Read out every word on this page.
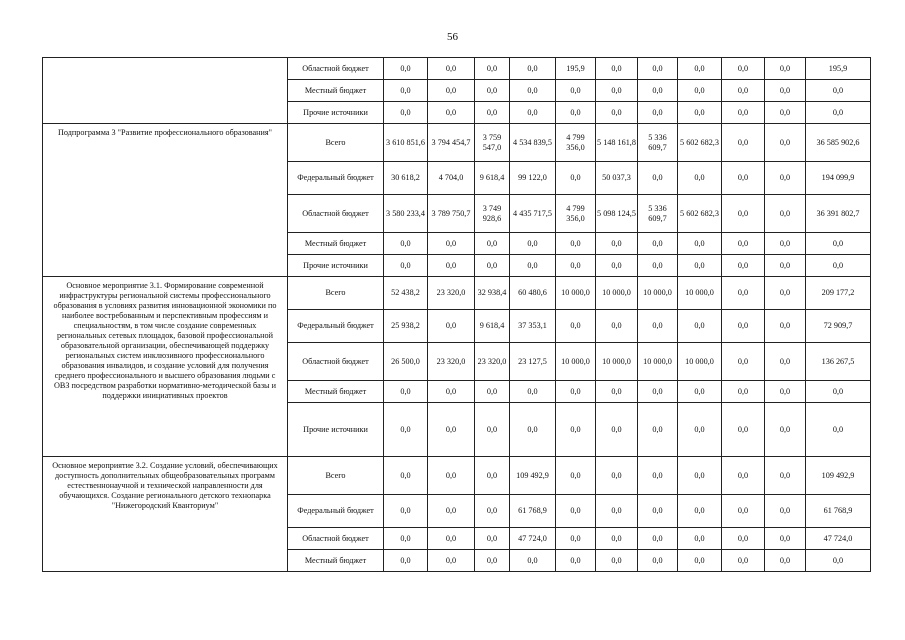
56
	Областной бюджет	0,0	0,0	0,0	0,0	195,9	0,0	0,0	0,0	0,0	0,0	195,9
	Местный бюджет	0,0	0,0	0,0	0,0	0,0	0,0	0,0	0,0	0,0	0,0	0,0
	Прочие источники	0,0	0,0	0,0	0,0	0,0	0,0	0,0	0,0	0,0	0,0	0,0
Подпрограмма 3 "Развитие профессионального образования"	Всего	3 610 851,6	3 794 454,7	3 759 547,0	4 534 839,5	4 799 356,0	5 148 161,8	5 336 609,7	5 602 682,3	0,0	0,0	36 585 902,6
	Федеральный бюджет	30 618,2	4 704,0	9 618,4	99 122,0	0,0	50 037,3	0,0	0,0	0,0	0,0	194 099,9
	Областной бюджет	3 580 233,4	3 789 750,7	3 749 928,6	4 435 717,5	4 799 356,0	5 098 124,5	5 336 609,7	5 602 682,3	0,0	0,0	36 391 802,7
	Местный бюджет	0,0	0,0	0,0	0,0	0,0	0,0	0,0	0,0	0,0	0,0	0,0
	Прочие источники	0,0	0,0	0,0	0,0	0,0	0,0	0,0	0,0	0,0	0,0	0,0
Основное мероприятие 3.1. Формирование современной инфраструктуры региональной системы профессионального образования в условиях развития инновационной экономики по наиболее востребованным и перспективным профессиям и специальностям, в том числе создание современных региональных сетевых площадок, базовой профессиональной образовательной организации, обеспечивающей поддержку региональных систем инклюзивного профессионального образования инвалидов, и создание условий для получения среднего профессионального и высшего образования людьми с ОВЗ посредством разработки нормативно-методической базы и поддержки инициативных проектов	Всего	52 438,2	23 320,0	32 938,4	60 480,6	10 000,0	10 000,0	10 000,0	10 000,0	0,0	0,0	209 177,2
	Федеральный бюджет	25 938,2	0,0	9 618,4	37 353,1	0,0	0,0	0,0	0,0	0,0	0,0	72 909,7
	Областной бюджет	26 500,0	23 320,0	23 320,0	23 127,5	10 000,0	10 000,0	10 000,0	10 000,0	0,0	0,0	136 267,5
	Местный бюджет	0,0	0,0	0,0	0,0	0,0	0,0	0,0	0,0	0,0	0,0	0,0
	Прочие источники	0,0	0,0	0,0	0,0	0,0	0,0	0,0	0,0	0,0	0,0	0,0
Основное мероприятие 3.2. Создание условий, обеспечивающих доступность дополнительных общеобразовательных программ естественнонаучной и технической направленности для обучающихся. Создание регионального детского технопарка "Нижегородский Кванториум"	Всего	0,0	0,0	0,0	109 492,9	0,0	0,0	0,0	0,0	0,0	0,0	109 492,9
	Федеральный бюджет	0,0	0,0	0,0	61 768,9	0,0	0,0	0,0	0,0	0,0	0,0	61 768,9
	Областной бюджет	0,0	0,0	0,0	47 724,0	0,0	0,0	0,0	0,0	0,0	0,0	47 724,0
	Местный бюджет	0,0	0,0	0,0	0,0	0,0	0,0	0,0	0,0	0,0	0,0	0,0
